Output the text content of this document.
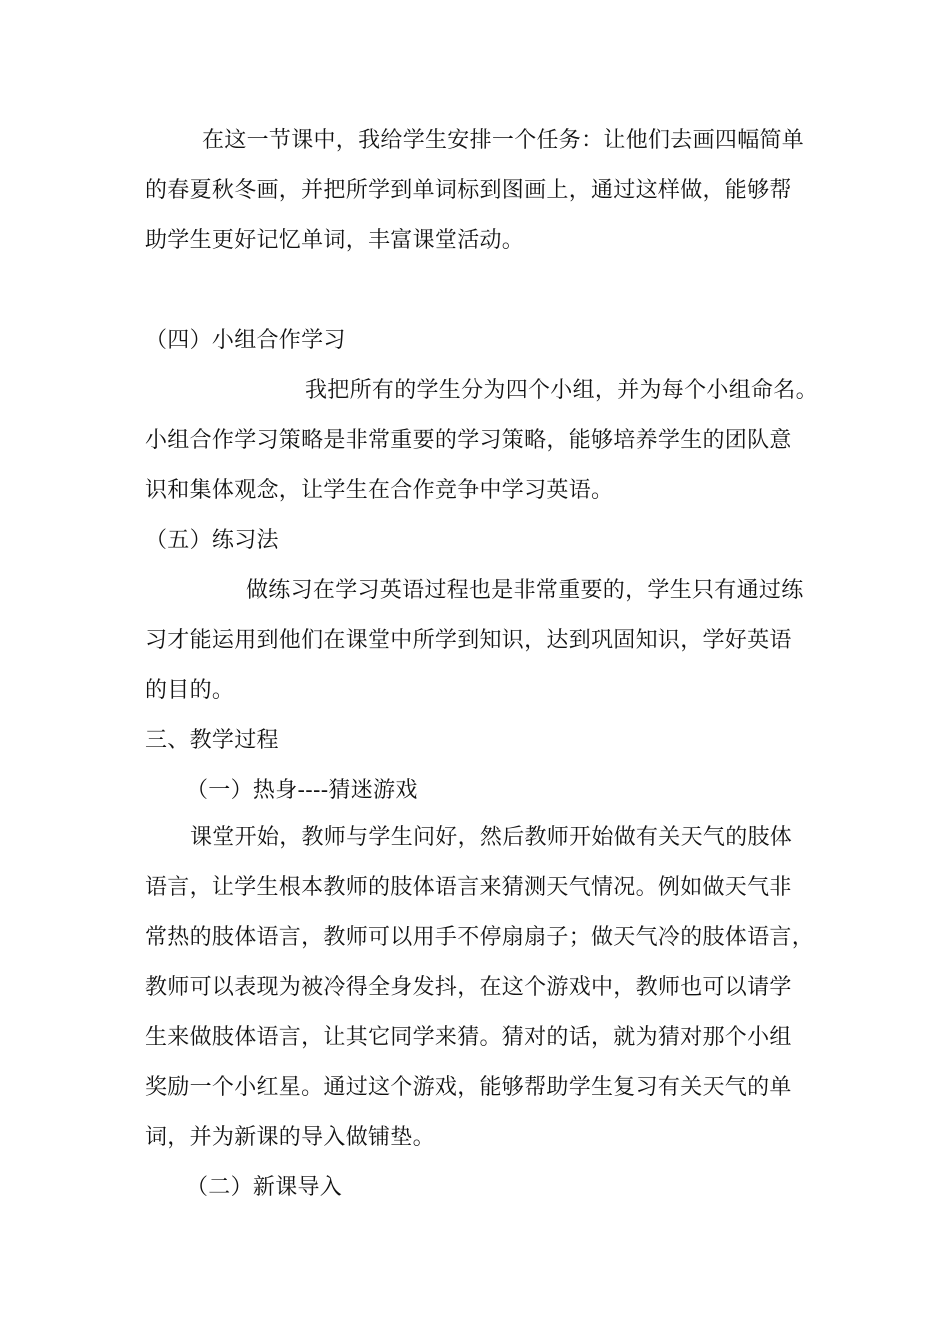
在这一节课中，我给学生安排一个任务：让他们去画四幅简单
的春夏秋冬画，并把所学到单词标到图画上，通过这样做，能够帮
助学生更好记忆单词，丰富课堂活动。
（四）小组合作学习
我把所有的学生分为四个小组，并为每个小组命名。
小组合作学习策略是非常重要的学习策略，能够培养学生的团队意
识和集体观念，让学生在合作竞争中学习英语。
（五）练习法
做练习在学习英语过程也是非常重要的，学生只有通过练
习才能运用到他们在课堂中所学到知识，达到巩固知识，学好英语
的目的。
三、教学过程
（一）热身----猜迷游戏
课堂开始，教师与学生问好，然后教师开始做有关天气的肢体
语言，让学生根本教师的肢体语言来猜测天气情况。例如做天气非
常热的肢体语言，教师可以用手不停扇扇子；做天气冷的肢体语言，
教师可以表现为被冷得全身发抖，在这个游戏中，教师也可以请学
生来做肢体语言，让其它同学来猜。猜对的话，就为猜对那个小组
奖励一个小红星。通过这个游戏，能够帮助学生复习有关天气的单
词，并为新课的导入做铺垫。
（二）新课导入
